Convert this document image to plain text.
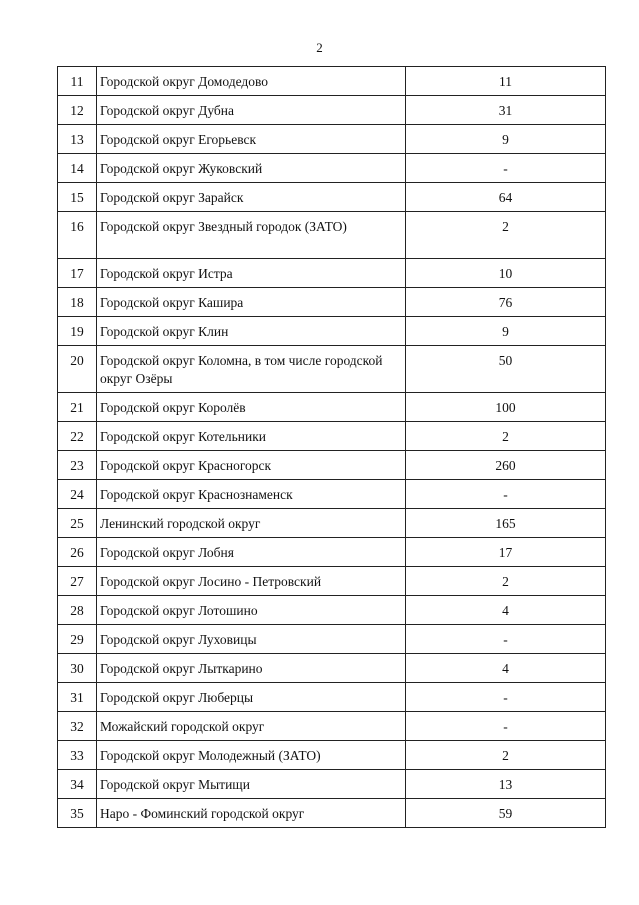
2
11	Городской округ Домодедово	11
12	Городской округ Дубна	31
13	Городской округ Егорьевск	9
14	Городской округ Жуковский	-
15	Городской округ Зарайск	64
16	Городской округ Звездный городок (ЗАТО)	2
17	Городской округ Истра	10
18	Городской округ Кашира	76
19	Городской округ Клин	9
20	Городской округ Коломна, в том числе городской округ Озёры	50
21	Городской округ Королёв	100
22	Городской округ Котельники	2
23	Городской округ Красногорск	260
24	Городской округ Краснознаменск	-
25	Ленинский городской округ	165
26	Городской округ Лобня	17
27	Городской округ Лосино - Петровский	2
28	Городской округ Лотошино	4
29	Городской округ Луховицы	-
30	Городской округ Лыткарино	4
31	Городской округ Люберцы	-
32	Можайский городской округ	-
33	Городской округ Молодежный (ЗАТО)	2
34	Городской округ Мытищи	13
35	Наро - Фоминский городской округ	59
